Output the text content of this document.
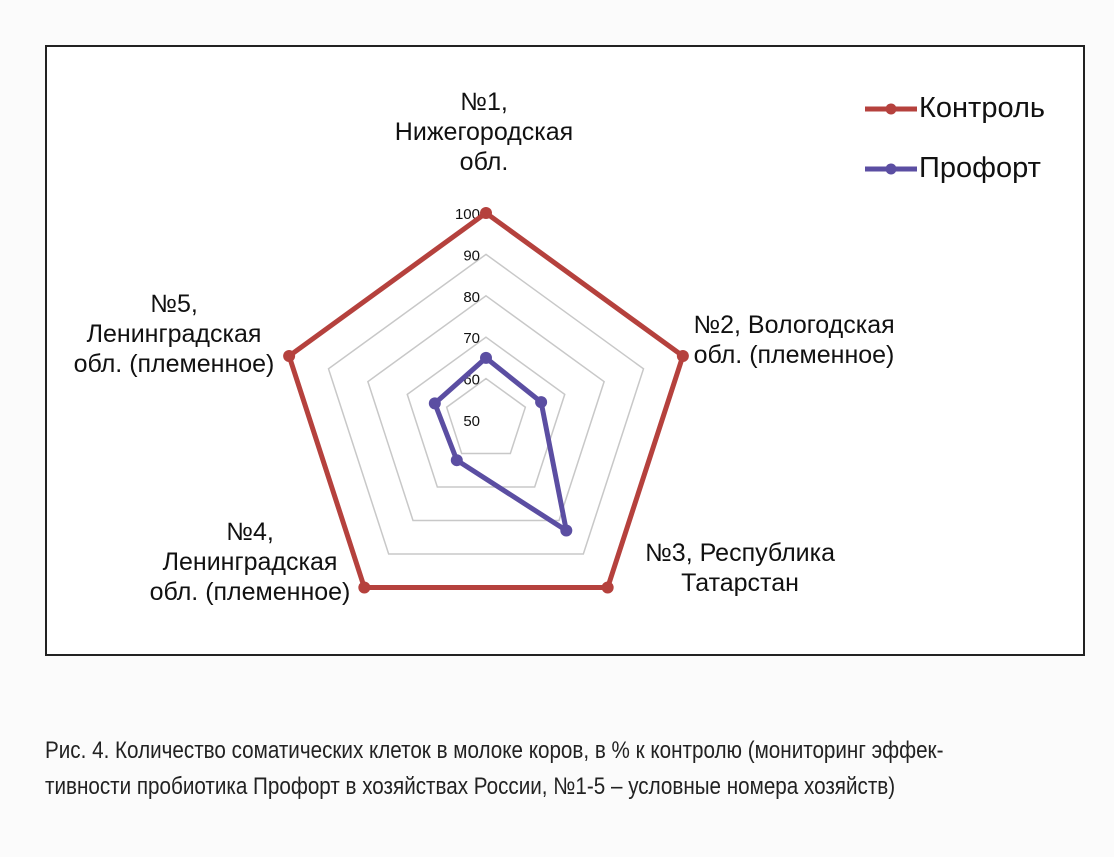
50
60
70
80
90
100
№1,
Нижегородская
обл.
№2, Вологодская
обл. (племенное)
№3, Республика
Татарстан
№4,
Ленинградская
обл. (племенное)
№5,
Ленинградская
обл. (племенное)
Контроль
Профорт
Рис. 4. Количество соматических клеток в молоке коров, в % к контролю (мониторинг эффек-
тивности пробиотика Профорт в хозяйствах России, №1-5 – условные номера хозяйств)
